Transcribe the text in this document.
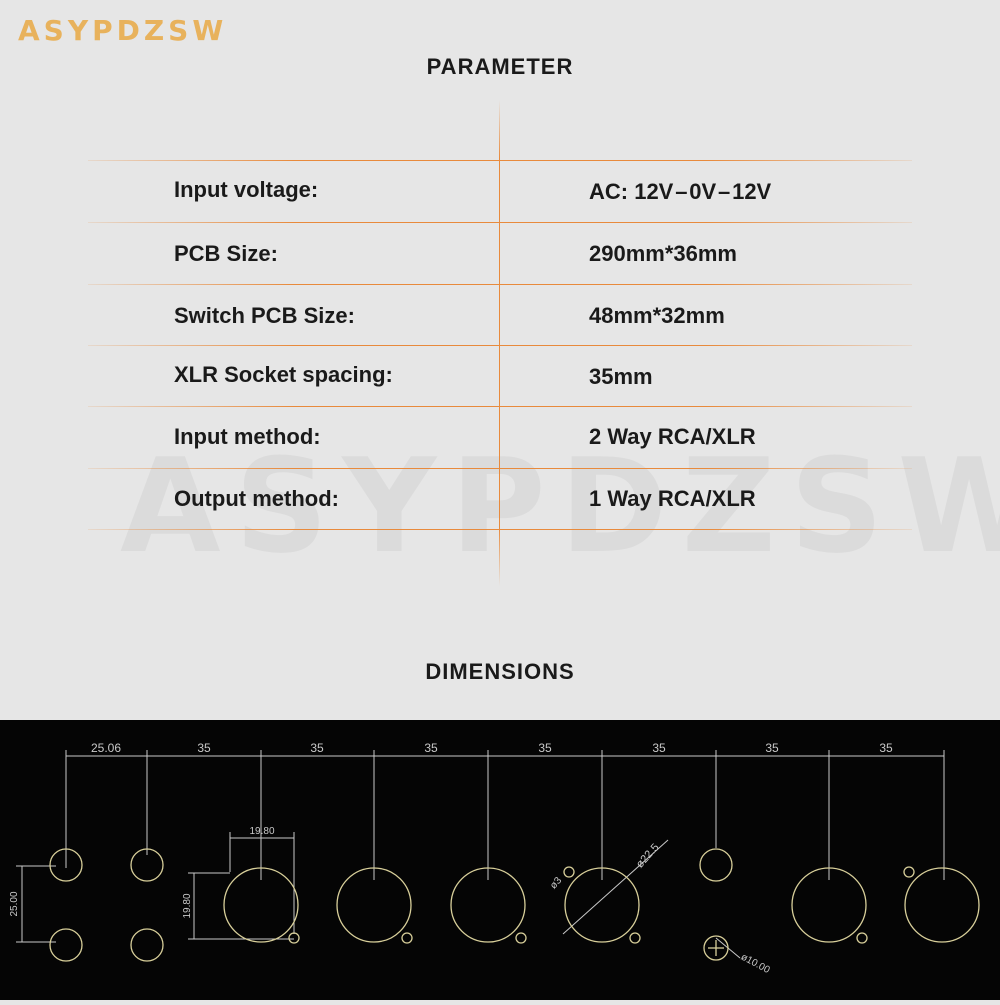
ASYPDZSW
PARAMETER
Input voltage:	AC: 12V – 0V – 12V
PCB Size:	290mm*36mm
Switch PCB Size:	48mm*32mm
XLR Socket spacing:	35mm
Input method:	2 Way RCA/XLR
Output method:	1 Way RCA/XLR
DIMENSIONS
25.06	35	35	35	35	35	35	35
25.00
19.80
19.80
ø22.5
ø3
ø10.00
